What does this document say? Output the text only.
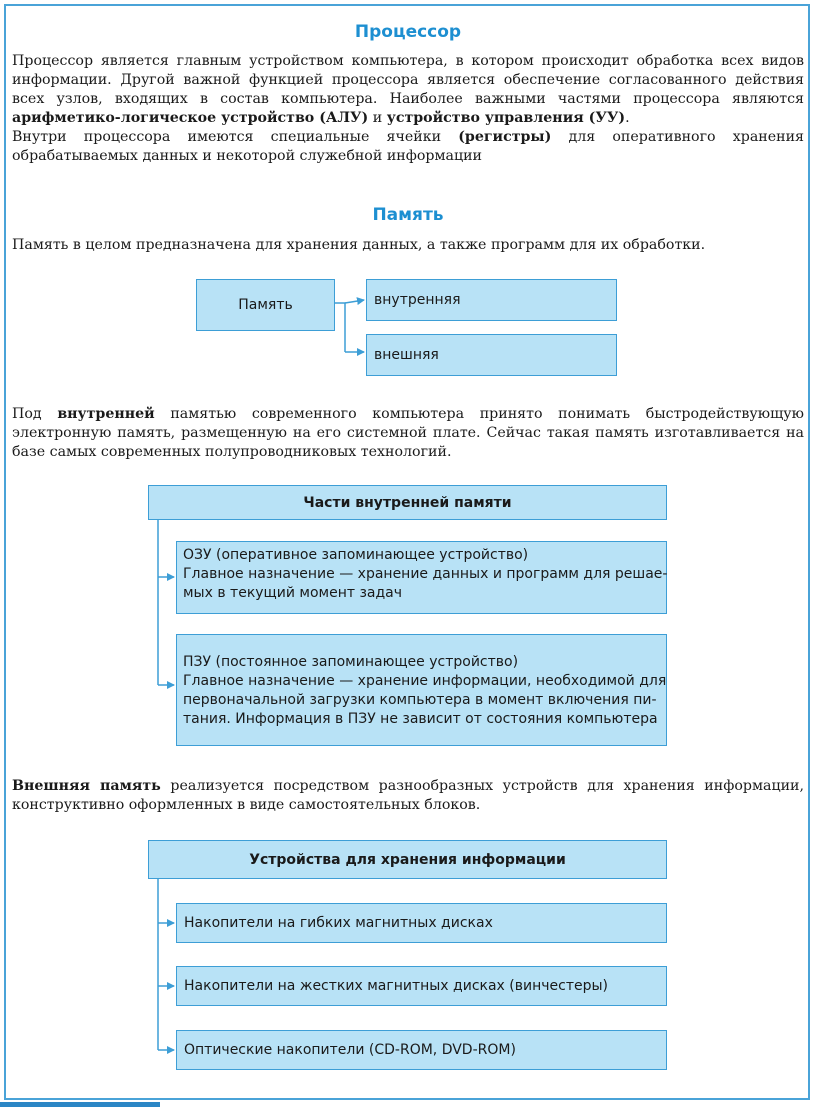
Процессор

Процессор является главным устройством компьютера, в котором происходит обработка всех видов информации. Другой важной функцией процессора является обеспечение согласованного действия всех узлов, входящих в состав компьютера. Наиболее важными частями процессора являются арифметико-логическое устройство (АЛУ) и устройство управления (УУ).

Внутри процессора имеются специальные ячейки (регистры) для оперативного хранения обрабатываемых данных и некоторой служебной информации

Память

Память в целом предназначена для хранения данных, а также программ для их обработки.

Память	внутренняя
внешняя

Под внутренней памятью современного компьютера принято понимать быстродействующую электронную память, размещенную на его системной плате. Сейчас такая память изготавливается на базе самых современных полупроводниковых технологий.

Части внутренней памяти
ОЗУ (оперативное запоминающее устройство)
Главное назначение — хранение данных и программ для решае-
мых в текущий момент задач
ПЗУ (постоянное запоминающее устройство)
Главное назначение — хранение информации, необходимой для
первоначальной загрузки компьютера в момент включения пи-
тания. Информация в ПЗУ не зависит от состояния компьютера

Внешняя память реализуется посредством разнообразных устройств для хранения информации, конструктивно оформленных в виде самостоятельных блоков.

Устройства для хранения информации
Накопители на гибких магнитных дисках
Накопители на жестких магнитных дисках (винчестеры)
Оптические накопители (CD-ROM, DVD-ROM)
